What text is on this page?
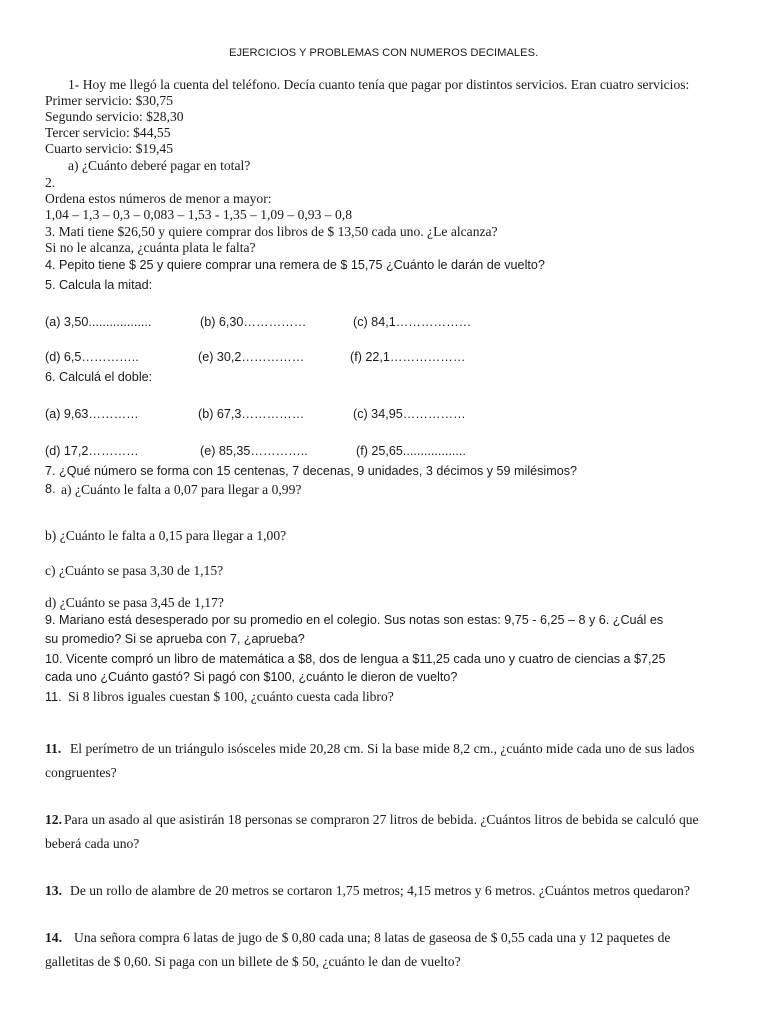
EJERCICIOS Y PROBLEMAS CON NUMEROS DECIMALES.
1- Hoy me llegó la cuenta del teléfono. Decía cuanto tenía que pagar por distintos servicios. Eran cuatro servicios:
Primer servicio: $30,75
Segundo servicio: $28,30
Tercer servicio: $44,55
Cuarto servicio: $19,45
a) ¿Cuánto deberé pagar en total?
2.
Ordena estos números de menor a mayor:
1,04 – 1,3 – 0,3 – 0,083 – 1,53 - 1,35 – 1,09 – 0,93 – 0,8
3. Mati tiene $26,50 y quiere comprar dos libros de $ 13,50 cada uno. ¿Le alcanza?
Si no le alcanza, ¿cuánta plata le falta?
4. Pepito tiene $ 25 y quiere comprar una remera de $ 15,75 ¿Cuánto le darán de vuelto?
5. Calcula la mitad:
(a) 3,50..................	(b) 6,30……………	(c) 84,1………………
(d) 6,5…………..	(e) 30,2……………	(f) 22,1………………
6. Calculá el doble:
(a) 9,63…………	(b) 67,3……………	(c) 34,95……………
(d) 17,2…………	(e) 85,35…………..	(f) 25,65..................
7. ¿Qué número se forma con 15 centenas, 7 decenas, 9 unidades, 3 décimos y 59 milésimos?
8. a) ¿Cuánto le falta a 0,07 para llegar a 0,99?
b) ¿Cuánto le falta a 0,15 para llegar a 1,00?
c) ¿Cuánto se pasa 3,30 de 1,15?
d) ¿Cuánto se pasa 3,45 de 1,17?
9. Mariano está desesperado por su promedio en el colegio. Sus notas son estas: 9,75 - 6,25 – 8 y 6. ¿Cuál es
su promedio? Si se aprueba con 7, ¿aprueba?
10. Vicente compró un libro de matemática a $8, dos de lengua a $11,25 cada uno y cuatro de ciencias a $7,25
cada uno ¿Cuánto gastó? Si pagó con $100, ¿cuánto le dieron de vuelto?
11. Si 8 libros iguales cuestan $ 100, ¿cuánto cuesta cada libro?
11. El perímetro de un triángulo isósceles mide 20,28 cm. Si la base mide 8,2 cm., ¿cuánto mide cada uno de sus lados
congruentes?
12. Para un asado al que asistirán 18 personas se compraron 27 litros de bebida. ¿Cuántos litros de bebida se calculó que
beberá cada uno?
13. De un rollo de alambre de 20 metros se cortaron 1,75 metros; 4,15 metros y 6 metros. ¿Cuántos metros quedaron?
14. Una señora compra 6 latas de jugo de $ 0,80 cada una; 8 latas de gaseosa de $ 0,55 cada una y 12 paquetes de
galletitas de $ 0,60. Si paga con un billete de $ 50, ¿cuánto le dan de vuelto?
